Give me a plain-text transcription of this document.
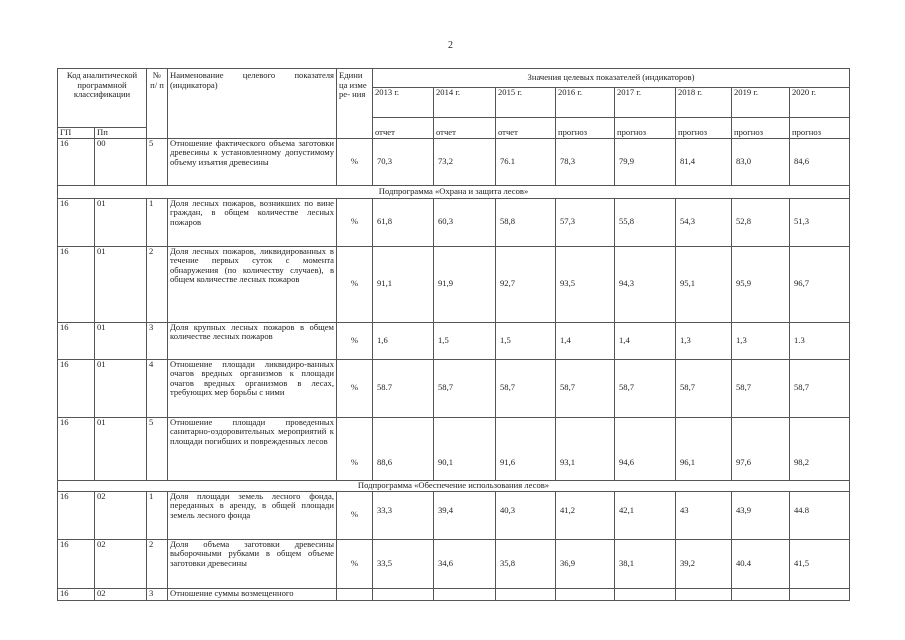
2
Код аналитической программной классификации		№ п/ п	Наименование целевого показателя (индикатора)	Едини ца изме ре- ния	Значения целевых показателей (индикаторов)							
					2013 г.	2014 г.	2015 г.	2016 г.	2017 г.	2018 г.	2019 г.	2020 г.
					отчет	отчет	отчет	прогноз	прогноз	прогноз	прогноз	прогноз
ГП	Пп											
16	00	5	Отношение фактического объема заготовки древесины к установленному допустимому объему изъятия древесины	%	70,3	73,2	76.1	78,3	79,9	81,4	83,0	84,6
Подпрограмма «Охрана и защита лесов»												
16	01	1	Доля лесных пожаров, возникших по вине граждан, в общем количестве лесных пожаров	%	61,8	60,3	58,8	57,3	55,8	54,3	52,8	51,3
16	01	2	Доля лесных пожаров, ликвидированных в течение первых суток с момента обнаружения (по количеству случаев), в общем количестве лесных пожаров	%	91,1	91,9	92,7	93,5	94,3	95,1	95,9	96,7
16	01	3	Доля крупных лесных пожаров в общем количестве лесных пожаров	%	1,6	1,5	1,5	1,4	1,4	1,3	1,3	1.3
16	01	4	Отношение площади ликвидиро-ванных очагов вредных организмов к площади очагов вредных организмов в лесах, требующих мер борьбы с ними	%	58.7	58,7	58,7	58,7	58,7	58,7	58,7	58,7
16	01	5	Отношение площади проведенных санитарно-оздоровительных мероприятий к площади погибших и поврежденных лесов	%	88,6	90,1	91,6	93,1	94,6	96,1	97,6	98,2
Подпрограмма «Обеспечение использования лесов»												
16	02	1	Доля площади земель лесного фонда, переданных в аренду, в общей площади земель лесного фонда	%	33,3	39,4	40,3	41,2	42,1	43	43,9	44.8
16	02	2	Доля объема заготовки древесины выборочными рубками в общем объеме заготовки древесины	%	33,5	34,6	35,8	36,9	38,1	39,2	40.4	41,5
16	02	3	Отношение суммы возмещенного									
